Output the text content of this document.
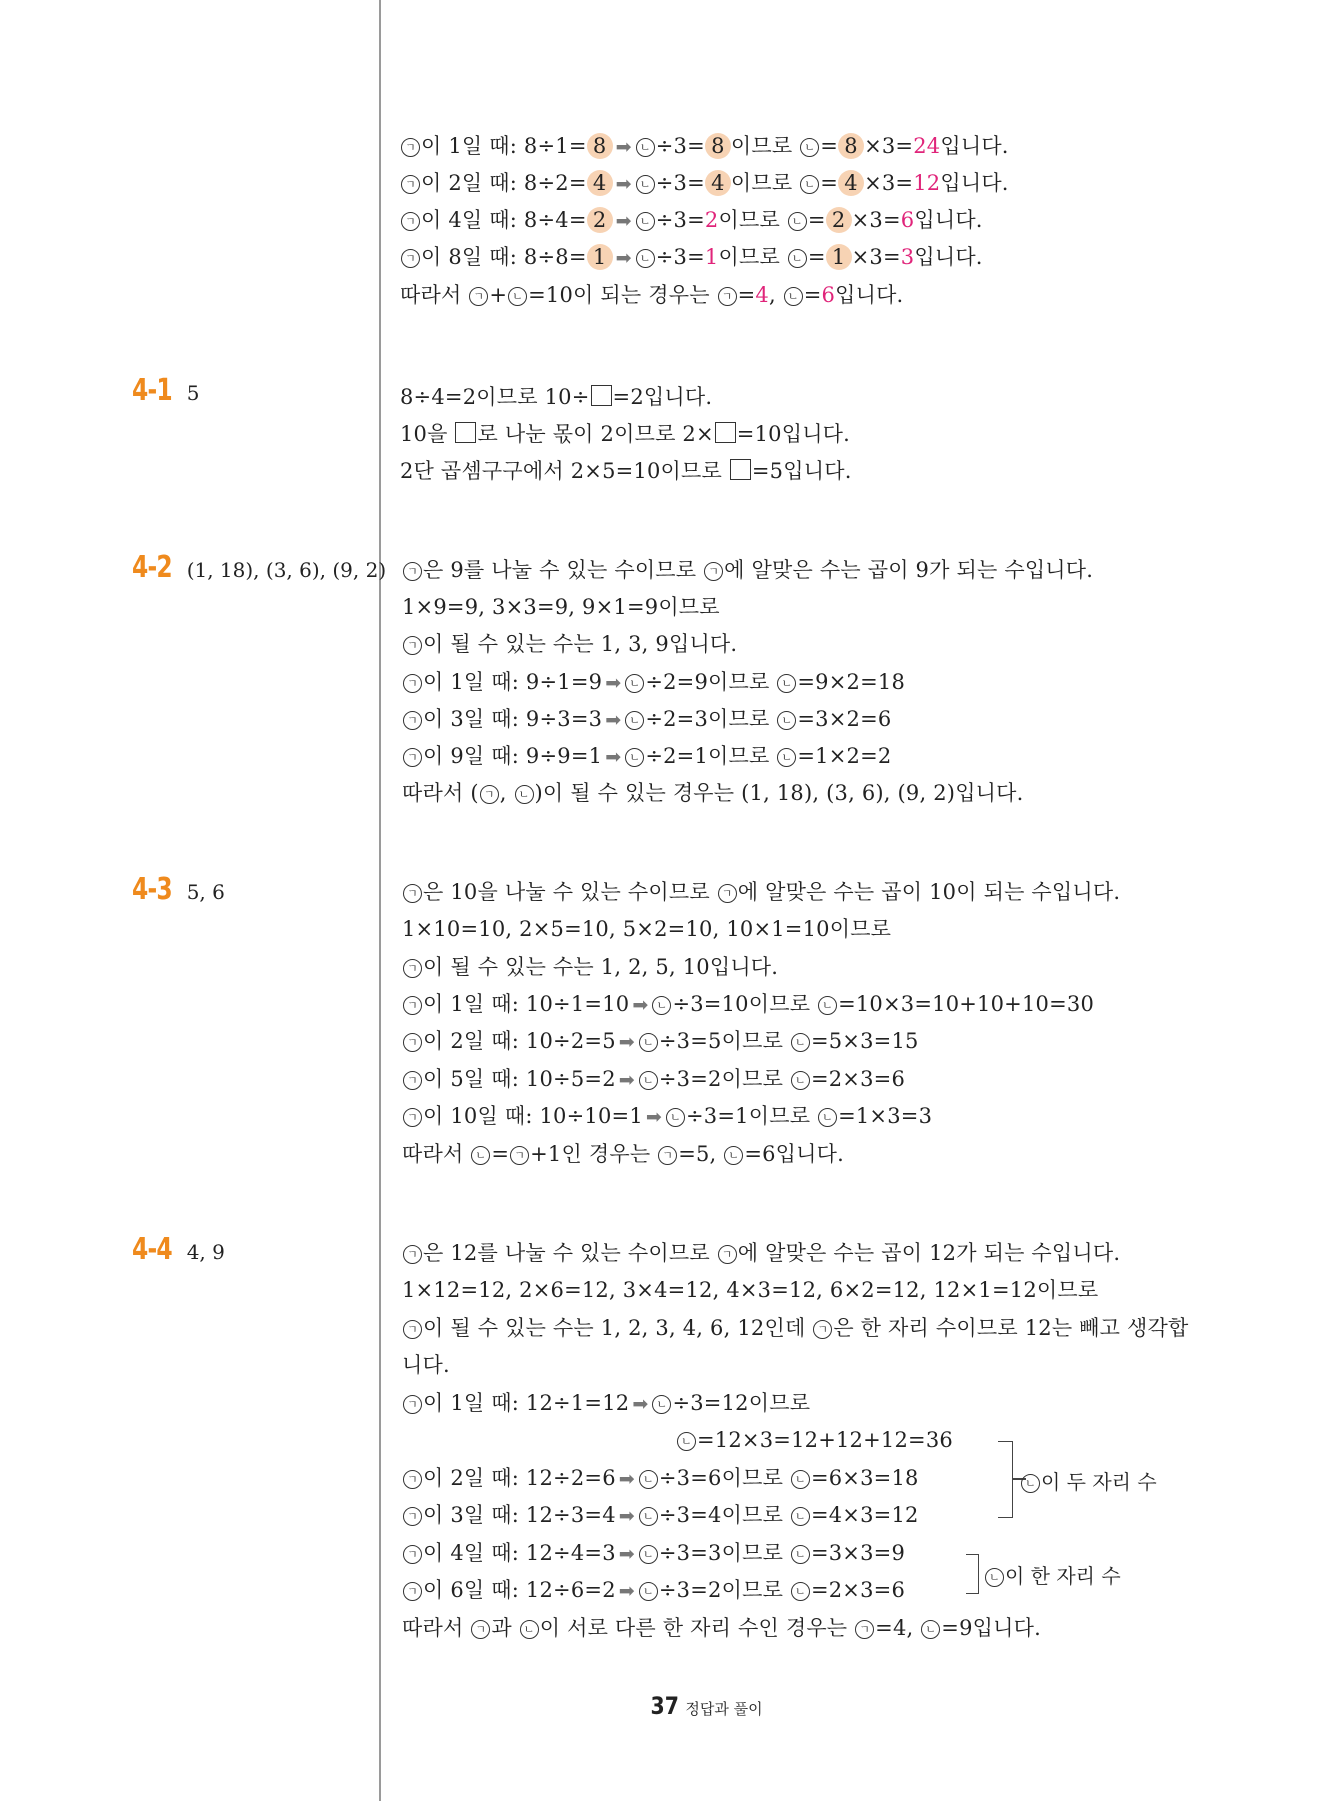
ㄱ 이 1일 때: 8÷1= 8 ➡ ㄴ ÷3= 8 이므로 ㄴ = 8 ×3=24입니다.
ㄱ 이 2일 때: 8÷2= 4 ➡ ㄴ ÷3= 4 이므로 ㄴ = 4 ×3=12입니다.
ㄱ 이 4일 때: 8÷4= 2 ➡ ㄴ ÷3=2이므로 ㄴ = 2 ×3=6입니다.
ㄱ 이 8일 때: 8÷8= 1 ➡ ㄴ ÷3=1이므로 ㄴ = 1 ×3=3입니다.
따라서 ㄱ + ㄴ =10이 되는 경우는 ㄱ =4, ㄴ =6입니다.
4-1 5	8÷4=2이므로 10÷ =2입니다.
10을 로 나눈 몫이 2이므로 2× =10입니다.
2단 곱셈구구에서 2×5=10이므로 =5입니다.
4-2 (1, 18), (3, 6), (9, 2)	ㄱ 은 9를 나눌 수 있는 수이므로 ㄱ 에 알맞은 수는 곱이 9가 되는 수입니다.
1×9=9, 3×3=9, 9×1=9이므로
ㄱ 이 될 수 있는 수는 1, 3, 9입니다.
ㄱ 이 1일 때: 9÷1=9 ➡ ㄴ ÷2=9이므로 ㄴ =9×2=18
ㄱ 이 3일 때: 9÷3=3 ➡ ㄴ ÷2=3이므로 ㄴ =3×2=6
ㄱ 이 9일 때: 9÷9=1 ➡ ㄴ ÷2=1이므로 ㄴ =1×2=2
따라서 ( ㄱ , ㄴ )이 될 수 있는 경우는 (1, 18), (3, 6), (9, 2)입니다.
4-3 5, 6	ㄱ 은 10을 나눌 수 있는 수이므로 ㄱ 에 알맞은 수는 곱이 10이 되는 수입니다.
1×10=10, 2×5=10, 5×2=10, 10×1=10이므로
ㄱ 이 될 수 있는 수는 1, 2, 5, 10입니다.
ㄱ 이 1일 때: 10÷1=10 ➡ ㄴ ÷3=10이므로 ㄴ =10×3=10+10+10=30
ㄱ 이 2일 때: 10÷2=5 ➡ ㄴ ÷3=5이므로 ㄴ =5×3=15
ㄱ 이 5일 때: 10÷5=2 ➡ ㄴ ÷3=2이므로 ㄴ =2×3=6
ㄱ 이 10일 때: 10÷10=1 ➡ ㄴ ÷3=1이므로 ㄴ =1×3=3
따라서 ㄴ = ㄱ +1인 경우는 ㄱ =5, ㄴ =6입니다.
4-4 4, 9	ㄱ 은 12를 나눌 수 있는 수이므로 ㄱ 에 알맞은 수는 곱이 12가 되는 수입니다.
1×12=12, 2×6=12, 3×4=12, 4×3=12, 6×2=12, 12×1=12이므로
ㄱ 이 될 수 있는 수는 1, 2, 3, 4, 6, 12인데 ㄱ 은 한 자리 수이므로 12는 빼고 생각합
니다.
ㄱ 이 1일 때: 12÷1=12 ➡ ㄴ ÷3=12이므로
ㄴ =12×3=12+12+12=36
ㄱ 이 2일 때: 12÷2=6 ➡ ㄴ ÷3=6이므로 ㄴ =6×3=18
ㄱ 이 3일 때: 12÷3=4 ➡ ㄴ ÷3=4이므로 ㄴ =4×3=12
ㄱ 이 4일 때: 12÷4=3 ➡ ㄴ ÷3=3이므로 ㄴ =3×3=9
ㄱ 이 6일 때: 12÷6=2 ➡ ㄴ ÷3=2이므로 ㄴ =2×3=6
따라서 ㄱ 과 ㄴ 이 서로 다른 한 자리 수인 경우는 ㄱ =4, ㄴ =9입니다.
ㄴ 이 두 자리 수
ㄴ 이 한 자리 수
37 정답과 풀이
